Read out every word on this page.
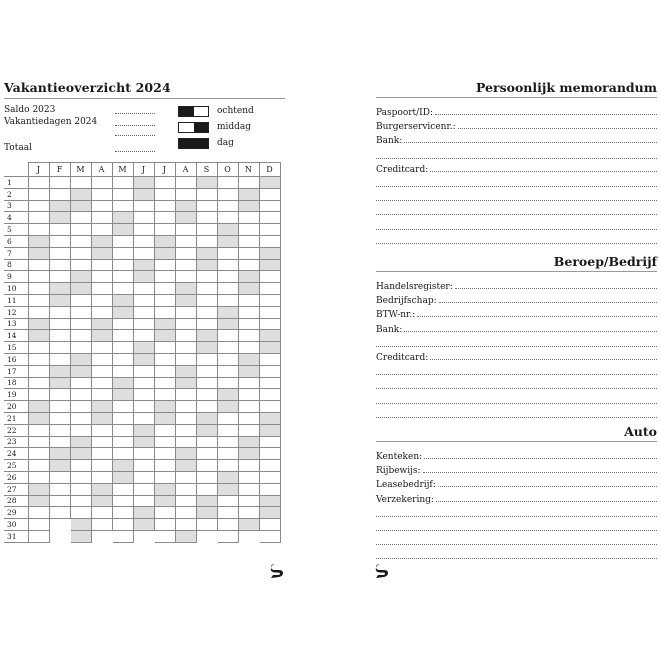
Vakantieoverzicht 2024
Saldo 2023
Vakantiedagen 2024
Totaal
ochtend
middag
dag
	J	F	M	A	M	J	J	A	S	O	N	D
1												
2												
3												
4												
5												
6												
7												
8												
9												
10												
11												
12												
13												
14												
15												
16												
17												
18												
19												
20												
21												
22												
23												
24												
25												
26												
27												
28												
29												
30												
31												
Persoonlijk memorandum
Paspoort/ID:
Burgerservicenr.:
Bank:
Creditcard:
Beroep/Bedrijf
Handelsregister:
Bedrijfschap:
BTW-nr.:
Bank:
Creditcard:
Auto
Kenteken:
Rijbewijs:
Leasebedrijf:
Verzekering:
